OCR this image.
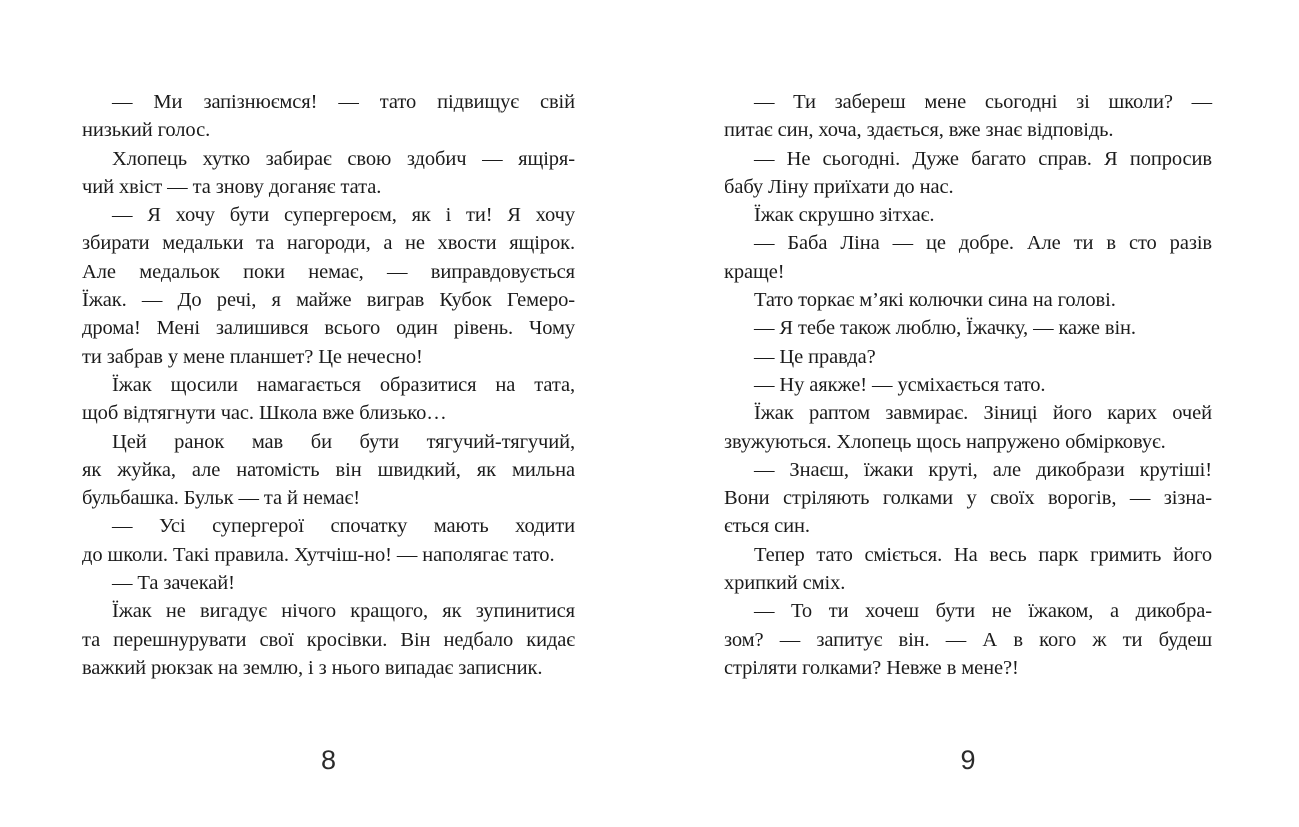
— Ми запізнюємся! — тато підвищує свій
низький голос.
Хлопець хутко забирає свою здобич — ящіря-
чий хвіст — та знову доганяє тата.
— Я хочу бути супергероєм, як і ти! Я хочу
збирати медальки та нагороди, а не хвости ящірок.
Але медальок поки немає, — виправдовується
Їжак. — До речі, я майже виграв Кубок Гемеро-
дрома! Мені залишився всього один рівень. Чому
ти забрав у мене планшет? Це нечесно!
Їжак щосили намагається образитися на тата,
щоб відтягнути час. Школа вже близько…
Цей ранок мав би бути тягучий-тягучий,
як жуйка, але натомість він швидкий, як мильна
бульбашка. Бульк — та й немає!
— Усі супергерої спочатку мають ходити
до школи. Такі правила. Хутчіш-но! — наполягає тато.
— Та зачекай!
Їжак не вигадує нічого кращого, як зупинитися
та перешнурувати свої кросівки. Він недбало кидає
важкий рюкзак на землю, і з нього випадає записник.
— Ти забереш мене сьогодні зі школи? —
питає син, хоча, здається, вже знає відповідь.
— Не сьогодні. Дуже багато справ. Я попросив
бабу Ліну приїхати до нас.
Їжак скрушно зітхає.
— Баба Ліна — це добре. Але ти в сто разів
краще!
Тато торкає м’які колючки сина на голові.
— Я тебе також люблю, Їжачку, — каже він.
— Це правда?
— Ну аякже! — усміхається тато.
Їжак раптом завмирає. Зіниці його карих очей
звужуються. Хлопець щось напружено обмірковує.
— Знаєш, їжаки круті, але дикобрази крутіші!
Вони стріляють голками у своїх ворогів, — зізна-
ється син.
Тепер тато сміється. На весь парк гримить його
хрипкий сміх.
— То ти хочеш бути не їжаком, а дикобра-
зом? — запитує він. — А в кого ж ти будеш
стріляти голками? Невже в мене?!
8	9
